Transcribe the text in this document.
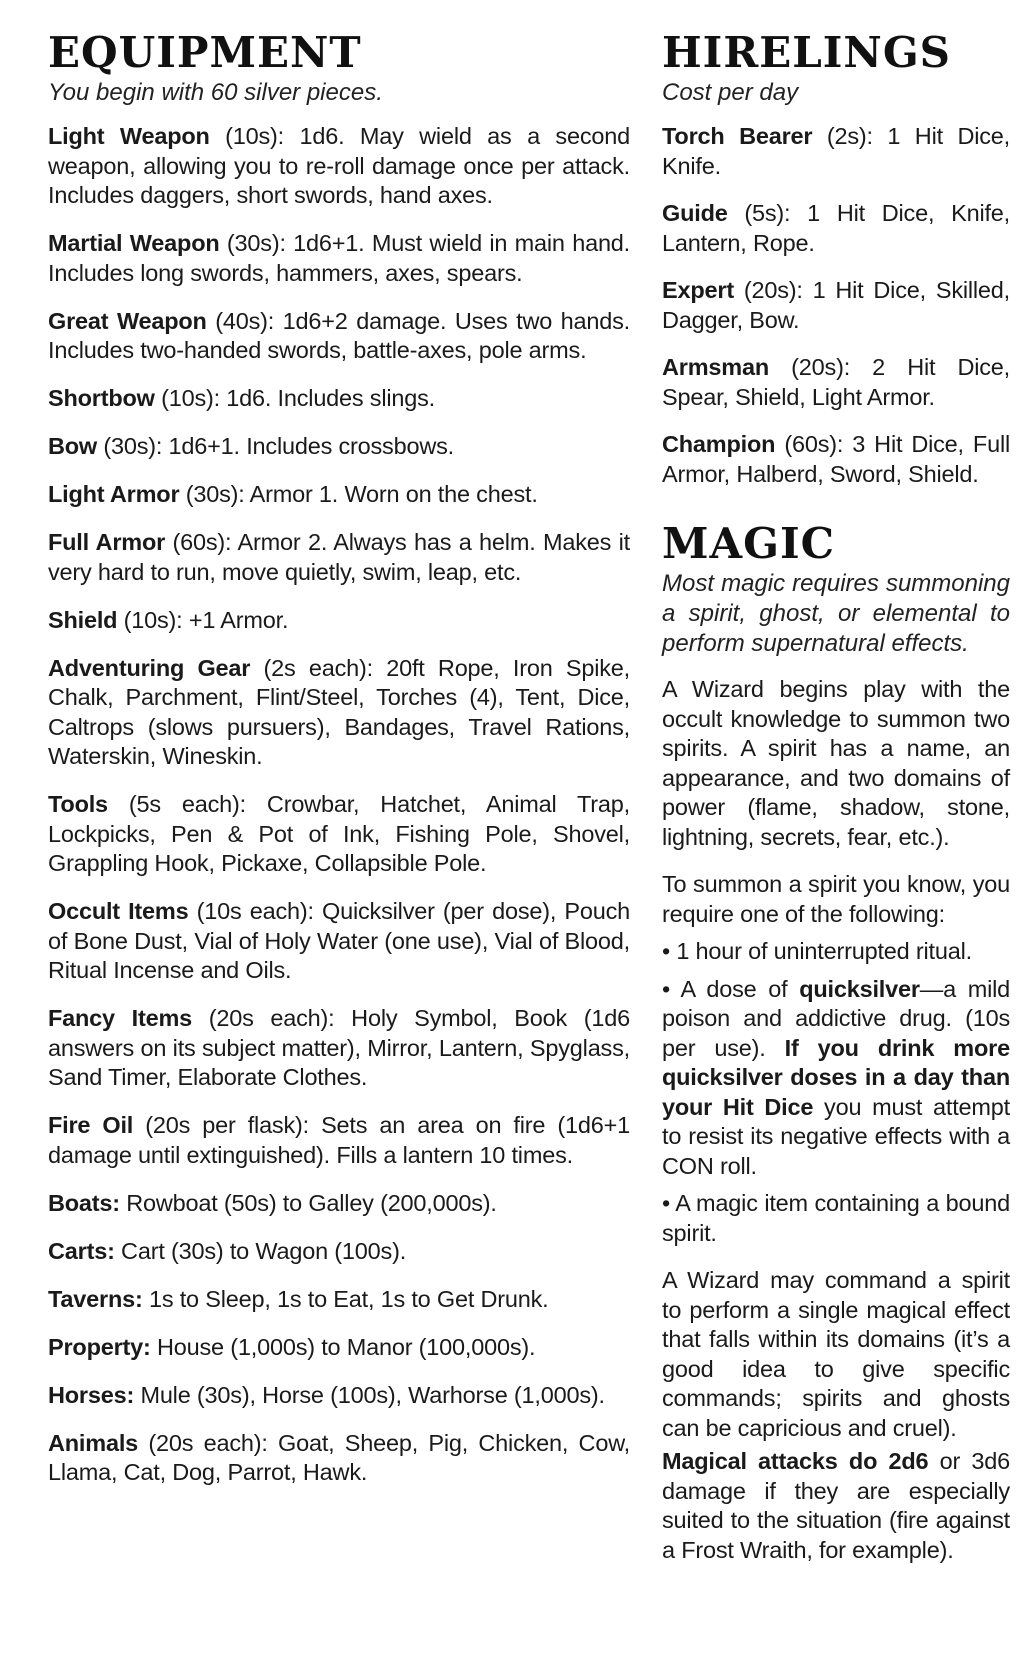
EQUIPMENT
You begin with 60 silver pieces.

Light Weapon (10s): 1d6. May wield as a second weapon, allowing you to re-roll damage once per attack. Includes daggers, short swords, hand axes.

Martial Weapon (30s): 1d6+1. Must wield in main hand. Includes long swords, hammers, axes, spears.

Great Weapon (40s): 1d6+2 damage. Uses two hands. Includes two-handed swords, battle-axes, pole arms.

Shortbow (10s): 1d6. Includes slings.

Bow (30s): 1d6+1. Includes crossbows.

Light Armor (30s): Armor 1. Worn on the chest.

Full Armor (60s): Armor 2. Always has a helm. Makes it very hard to run, move quietly, swim, leap, etc.

Shield (10s): +1 Armor.

Adventuring Gear (2s each): 20ft Rope, Iron Spike, Chalk, Parchment, Flint/Steel, Torches (4), Tent, Dice, Caltrops (slows pursuers), Bandages, Travel Rations, Waterskin, Wineskin.

Tools (5s each): Crowbar, Hatchet, Animal Trap, Lockpicks, Pen & Pot of Ink, Fishing Pole, Shovel, Grappling Hook, Pickaxe, Collapsible Pole.

Occult Items (10s each): Quicksilver (per dose), Pouch of Bone Dust, Vial of Holy Water (one use), Vial of Blood, Ritual Incense and Oils.

Fancy Items (20s each): Holy Symbol, Book (1d6 answers on its subject matter), Mirror, Lantern, Spyglass, Sand Timer, Elaborate Clothes.

Fire Oil (20s per flask): Sets an area on fire (1d6+1 damage until extinguished). Fills a lantern 10 times.

Boats: Rowboat (50s) to Galley (200,000s).

Carts: Cart (30s) to Wagon (100s).

Taverns: 1s to Sleep, 1s to Eat, 1s to Get Drunk.

Property: House (1,000s) to Manor (100,000s).

Horses: Mule (30s), Horse (100s), Warhorse (1,000s).

Animals (20s each): Goat, Sheep, Pig, Chicken, Cow, Llama, Cat, Dog, Parrot, Hawk.

HIRELINGS
Cost per day

Torch Bearer (2s): 1 Hit Dice, Knife.

Guide (5s): 1 Hit Dice, Knife, Lantern, Rope.

Expert (20s): 1 Hit Dice, Skilled, Dagger, Bow.

Armsman (20s): 2 Hit Dice, Spear, Shield, Light Armor.

Champion (60s): 3 Hit Dice, Full Armor, Halberd, Sword, Shield.

MAGIC
Most magic requires summoning a spirit, ghost, or elemental to perform supernatural effects.

A Wizard begins play with the occult knowledge to summon two spirits. A spirit has a name, an appearance, and two domains of power (flame, shadow, stone, lightning, secrets, fear, etc.).

To summon a spirit you know, you require one of the following:

• 1 hour of uninterrupted ritual.

• A dose of quicksilver—a mild poison and addictive drug. (10s per use). If you drink more quicksilver doses in a day than your Hit Dice you must attempt to resist its negative effects with a CON roll.

• A magic item containing a bound spirit.

A Wizard may command a spirit to perform a single magical effect that falls within its domains (it’s a good idea to give specific commands; spirits and ghosts can be capricious and cruel).

Magical attacks do 2d6 or 3d6 damage if they are especially suited to the situation (fire against a Frost Wraith, for example).
